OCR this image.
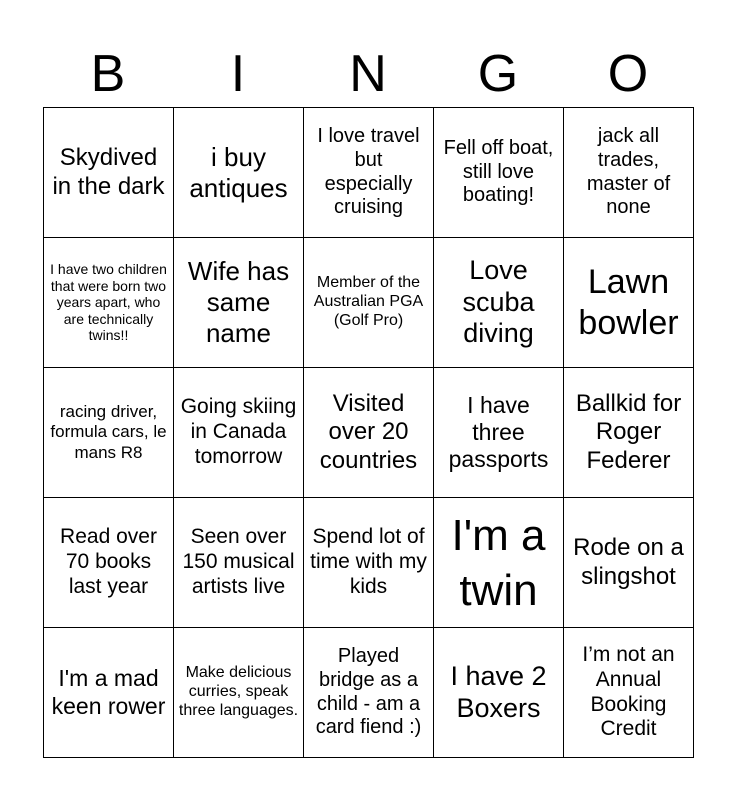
B	I	N	G	O
Skydived in the dark	i buy antiques	I love travel but especially cruising	Fell off boat, still love boating!	jack all trades, master of none
I have two children that were born two years apart, who are technically twins!!	Wife has same name	Member of the Australian PGA (Golf Pro)	Love scuba diving	Lawn bowler
racing driver, formula cars, le mans R8	Going skiing in Canada tomorrow	Visited over 20 countries	I have three passports	Ballkid for Roger Federer
Read over 70 books last year	Seen over 150 musical artists live	Spend lot of time with my kids	I'm a twin	Rode on a slingshot
I'm a mad keen rower	Make delicious curries, speak three languages.	Played bridge as a child - am a card fiend :)	I have 2 Boxers	I’m not an Annual Booking Credit
